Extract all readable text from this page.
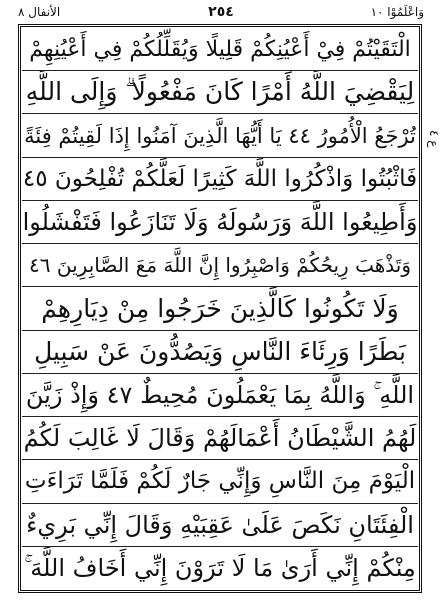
الأنفال ٨	٢٥٤	وَاعْلَمُوْا ١٠
الْتَقَيْتُمْ فِيْ أَعْيُنِكُمْ قَلِيلًا وَيُقَلِّلُكُمْ فِي أَعْيُنِهِمْ
لِيَقْضِيَ اللَّهُ أَمْرًا كَانَ مَفْعُولًا ۗ وَإِلَى اللَّهِ
تُرْجَعُ الْأُمُورُ ٤٤ يَا أَيُّهَا الَّذِينَ آمَنُوا إِذَا لَقِيتُمْ فِئَةً
فَاثْبُتُوا وَاذْكُرُوا اللَّهَ كَثِيرًا لَعَلَّكُمْ تُفْلِحُونَ ٤٥
وَأَطِيعُوا اللَّهَ وَرَسُولَهُ وَلَا تَنَازَعُوا فَتَفْشَلُوا
وَتَذْهَبَ رِيحُكُمْ وَاصْبِرُوا إِنَّ اللَّهَ مَعَ الصَّابِرِينَ ٤٦
وَلَا تَكُونُوا كَالَّذِينَ خَرَجُوا مِنْ دِيَارِهِمْ
بَطَرًا وَرِئَاءَ النَّاسِ وَيَصُدُّونَ عَنْ سَبِيلِ
اللَّهِ ۚ وَاللَّهُ بِمَا يَعْمَلُونَ مُحِيطٌ ٤٧ وَإِذْ زَيَّنَ
لَهُمُ الشَّيْطَانُ أَعْمَالَهُمْ وَقَالَ لَا غَالِبَ لَكُمُ
الْيَوْمَ مِنَ النَّاسِ وَإِنِّي جَارٌ لَكُمْ فَلَمَّا تَرَاءَتِ
الْفِئَتَانِ نَكَصَ عَلَىٰ عَقِبَيْهِ وَقَالَ إِنِّي بَرِيءٌ
مِنْكُمْ إِنِّي أَرَىٰ مَا لَا تَرَوْنَ إِنِّي أَخَافُ اللَّهَ ۚ
ع ٤
